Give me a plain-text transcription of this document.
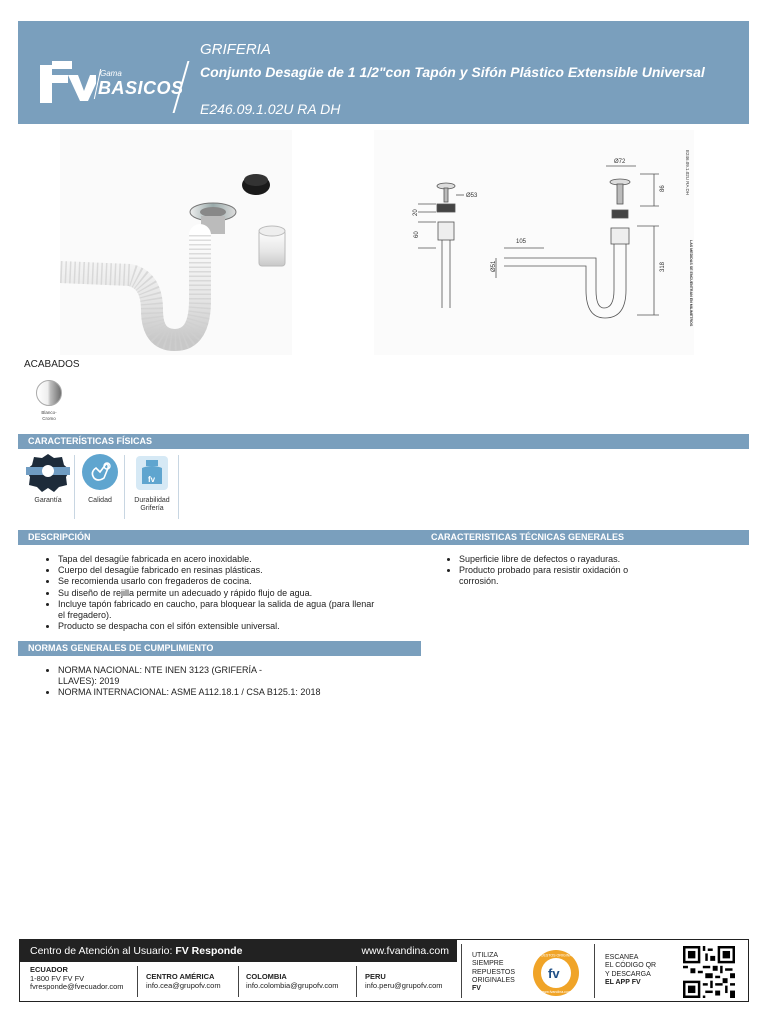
Gama
BASICOS
GRIFERIA
Conjunto Desagüe de 1 1/2"con Tapón y Sifón Plástico Extensible Universal
E246.09.1.02U RA DH
Ø53
20
60
Ø72
86
105
Ø51	318
E246.09.1.02U RA DH
LAS MEDIDAS SE ENCUENTRAN EN MILIMETROS
ACABADOS
Blanco-
Cromo
CARACTERÍSTICAS FÍSICAS
Garantía	Calidad
fv
Durabilidad
Grifería
DESCRIPCIÓN	CARACTERISTICAS TÉCNICAS GENERALES
• Tapa del desagüe fabricada en acero inoxidable.
• Cuerpo del desagüe fabricado en resinas plásticas.
• Se recomienda usarlo con fregaderos de cocina.
• Su diseño de rejilla permite un adecuado y rápido flujo de agua.
• Incluye tapón fabricado en caucho, para bloquear la salida de agua (para llenar el fregadero).
• Producto se despacha con el sifón extensible universal.
• Superficie libre de defectos o rayaduras.
• Producto probado para resistir oxidación o corrosión.
NORMAS GENERALES DE CUMPLIMIENTO
• NORMA NACIONAL: NTE INEN 3123 (GRIFERÍA - LLAVES): 2019
• NORMA INTERNACIONAL: ASME A112.18.1 / CSA B125.1: 2018
Centro de Atención al Usuario: FV Responde	www.fvandina.com
ECUADOR
1-800 FV FV FV
fvresponde@fvecuador.com
CENTRO AMÉRICA
info.cea@grupofv.com
COLOMBIA
info.colombia@grupofv.com
PERU
info.peru@grupofv.com
UTILIZA
SIEMPRE
REPUESTOS
ORIGINALES
FV
fv
REPUESTOS ORIGINALES
www.fvandina.com
ESCANEA
EL CÓDIGO QR
Y DESCARGA
EL APP FV
